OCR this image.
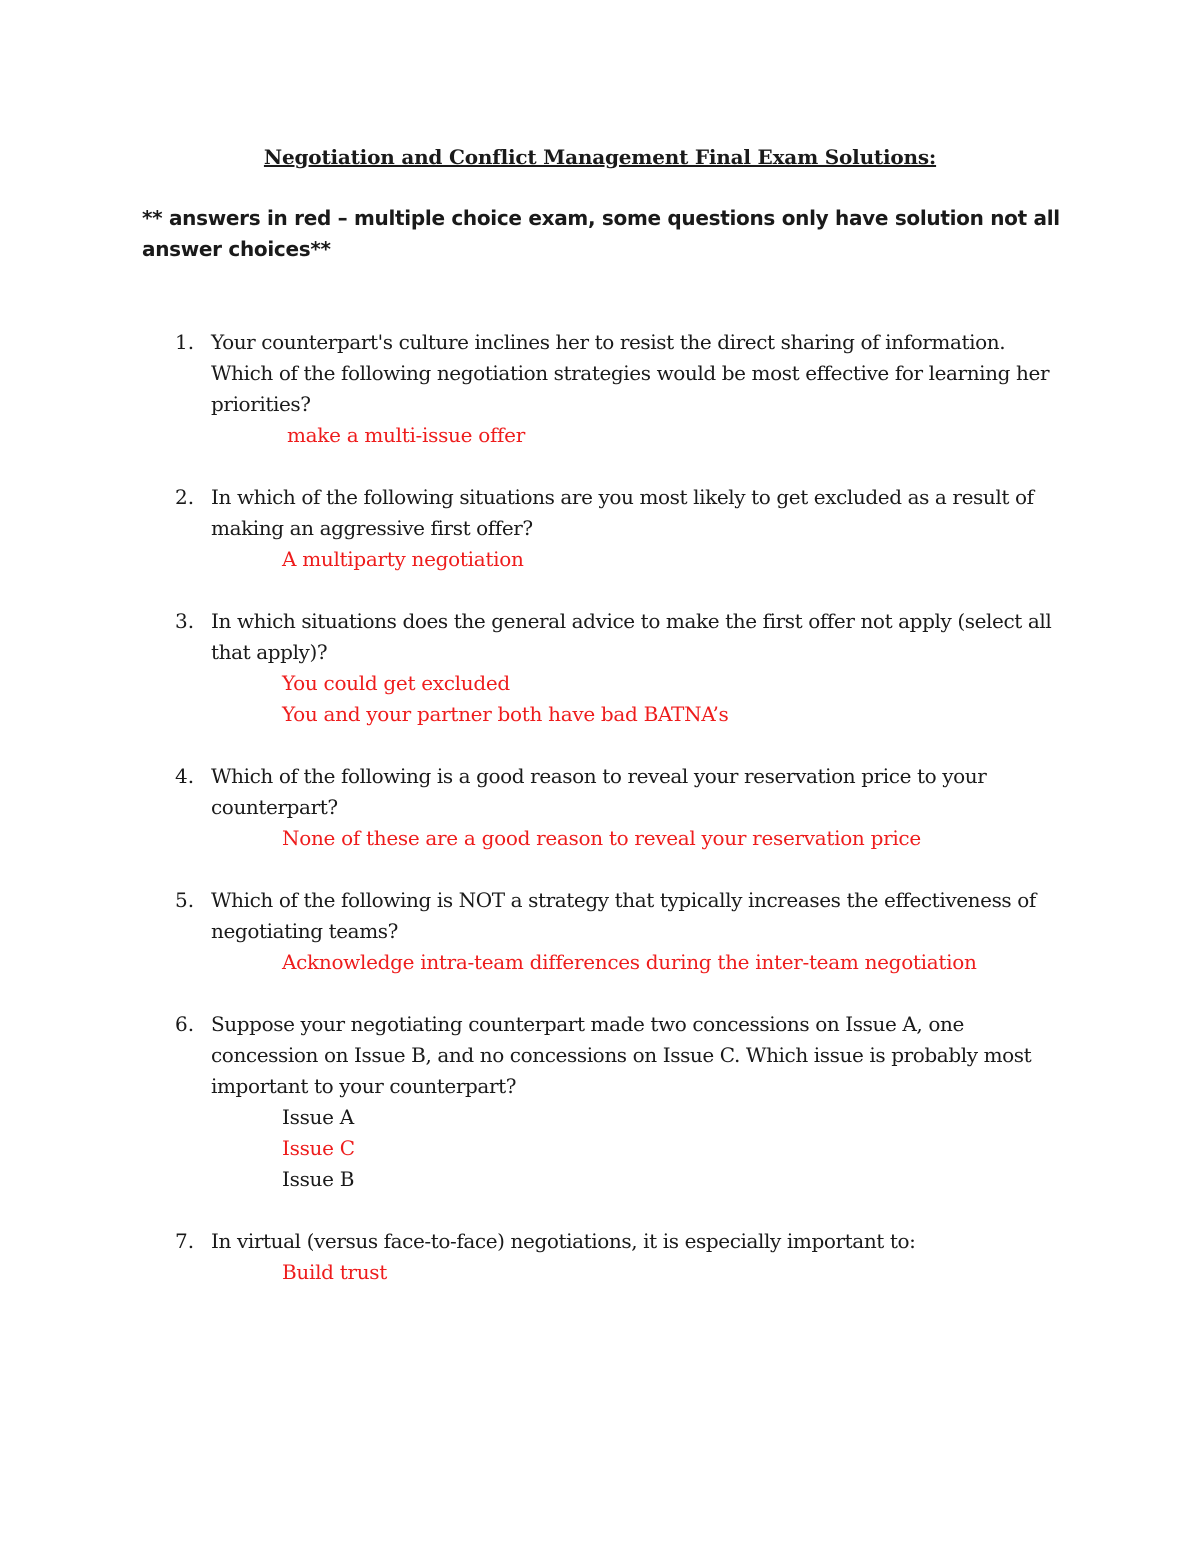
Negotiation and Conflict Management Final Exam Solutions:
** answers in red – multiple choice exam, some questions only have solution not all answer choices**
1. Your counterpart's culture inclines her to resist the direct sharing of information. Which of the following negotiation strategies would be most effective for learning her priorities?
make a multi-issue offer
2. In which of the following situations are you most likely to get excluded as a result of making an aggressive first offer?
A multiparty negotiation
3. In which situations does the general advice to make the first offer not apply (select all that apply)?
You could get excluded
You and your partner both have bad BATNA’s
4. Which of the following is a good reason to reveal your reservation price to your counterpart?
None of these are a good reason to reveal your reservation price
5. Which of the following is NOT a strategy that typically increases the effectiveness of negotiating teams?
Acknowledge intra-team differences during the inter-team negotiation
6. Suppose your negotiating counterpart made two concessions on Issue A, one concession on Issue B, and no concessions on Issue C. Which issue is probably most important to your counterpart?
Issue A
Issue C
Issue B
7. In virtual (versus face-to-face) negotiations, it is especially important to:
Build trust
